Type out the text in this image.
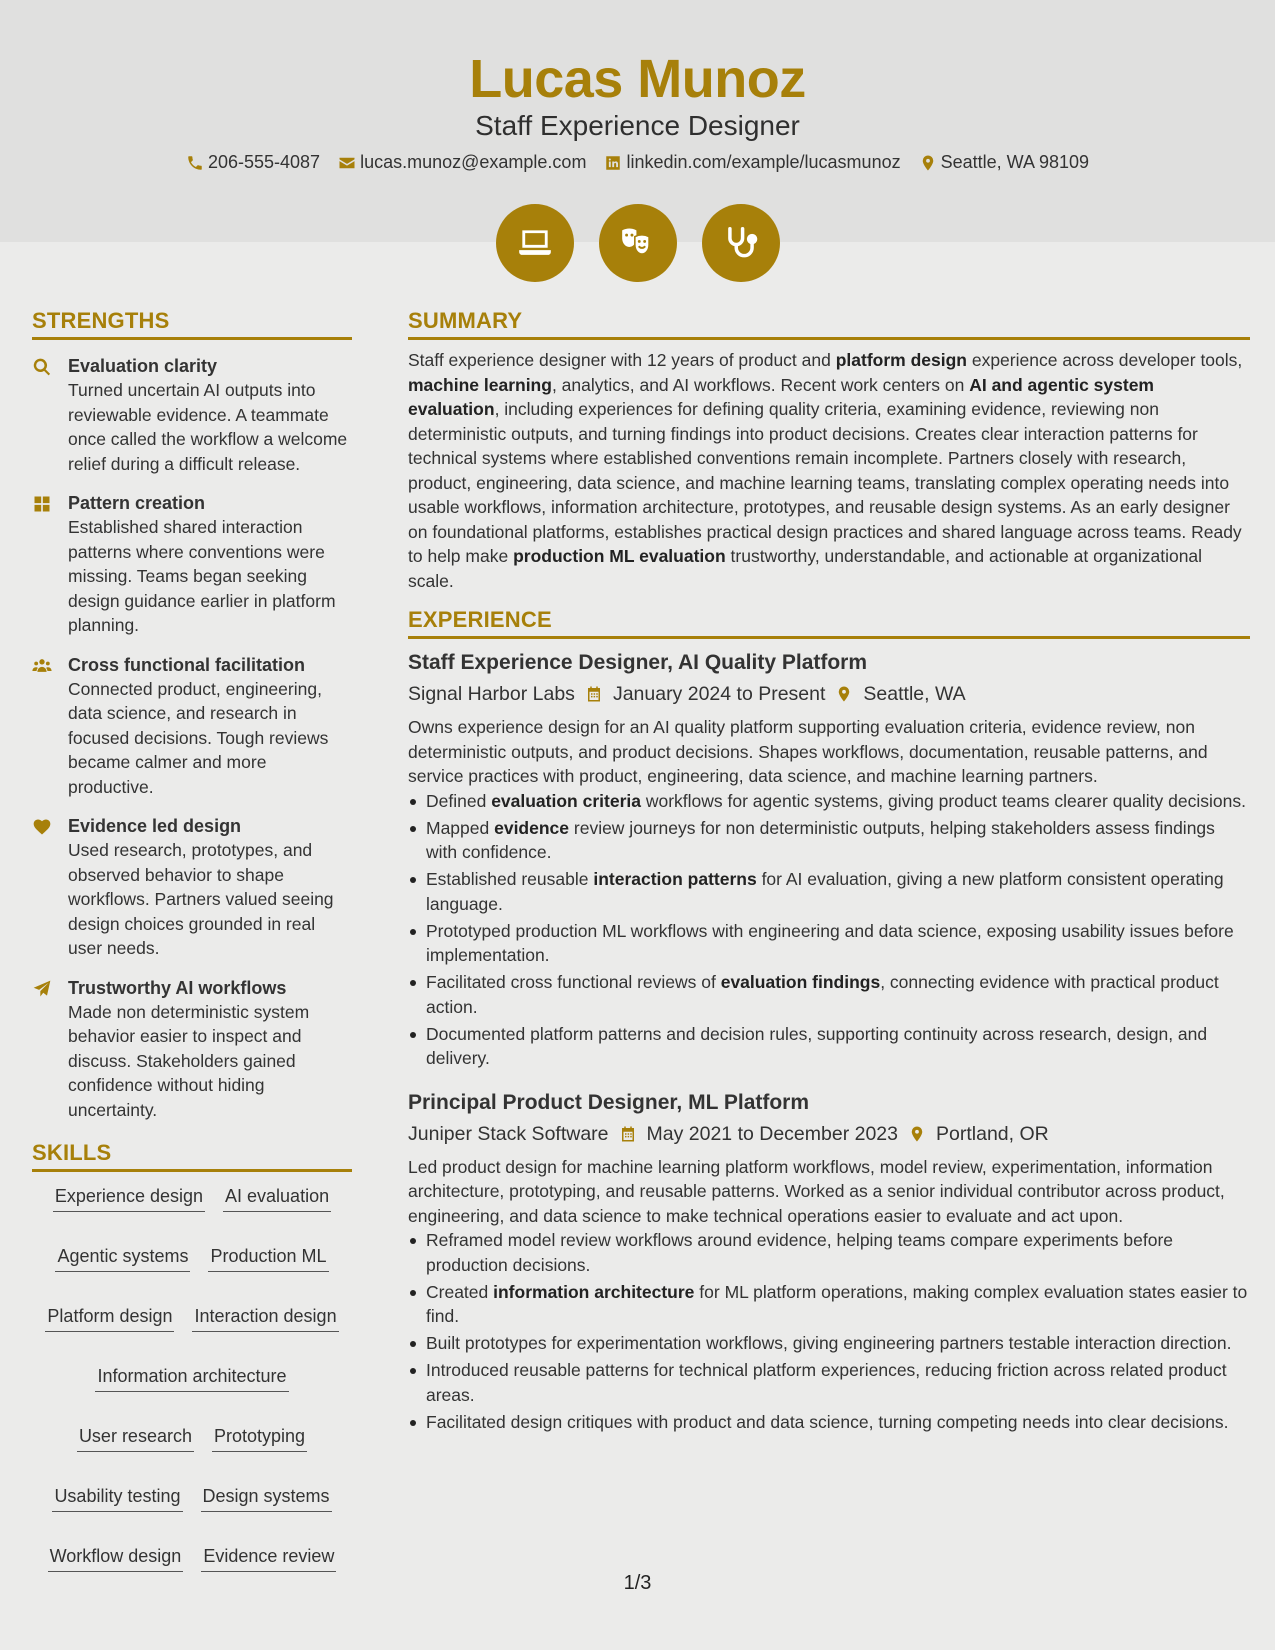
Lucas Munoz
Staff Experience Designer
206-555-4087 lucas.munoz@example.com linkedin.com/example/lucasmunoz Seattle, WA 98109
STRENGTHS
Evaluation clarity
Turned uncertain AI outputs into reviewable evidence. A teammate once called the workflow a welcome relief during a difficult release.
Pattern creation
Established shared interaction patterns where conventions were missing. Teams began seeking design guidance earlier in platform planning.
Cross functional facilitation
Connected product, engineering, data science, and research in focused decisions. Tough reviews became calmer and more productive.
Evidence led design
Used research, prototypes, and observed behavior to shape workflows. Partners valued seeing design choices grounded in real user needs.
Trustworthy AI workflows
Made non deterministic system behavior easier to inspect and discuss. Stakeholders gained confidence without hiding uncertainty.
SKILLS
Experience design AI evaluation
Agentic systems Production ML
Platform design Interaction design
Information architecture
User research Prototyping
Usability testing Design systems
Workflow design Evidence review
SUMMARY
Staff experience designer with 12 years of product and platform design experience across developer tools, machine learning, analytics, and AI workflows. Recent work centers on AI and agentic system evaluation, including experiences for defining quality criteria, examining evidence, reviewing non deterministic outputs, and turning findings into product decisions. Creates clear interaction patterns for technical systems where established conventions remain incomplete. Partners closely with research, product, engineering, data science, and machine learning teams, translating complex operating needs into usable workflows, information architecture, prototypes, and reusable design systems. As an early designer on foundational platforms, establishes practical design practices and shared language across teams. Ready to help make production ML evaluation trustworthy, understandable, and actionable at organizational scale.
EXPERIENCE
Staff Experience Designer, AI Quality Platform
Signal Harbor Labs January 2024 to Present Seattle, WA
Owns experience design for an AI quality platform supporting evaluation criteria, evidence review, non deterministic outputs, and product decisions. Shapes workflows, documentation, reusable patterns, and service practices with product, engineering, data science, and machine learning partners.
Defined evaluation criteria workflows for agentic systems, giving product teams clearer quality decisions.
Mapped evidence review journeys for non deterministic outputs, helping stakeholders assess findings with confidence.
Established reusable interaction patterns for AI evaluation, giving a new platform consistent operating language.
Prototyped production ML workflows with engineering and data science, exposing usability issues before implementation.
Facilitated cross functional reviews of evaluation findings, connecting evidence with practical product action.
Documented platform patterns and decision rules, supporting continuity across research, design, and delivery.
Principal Product Designer, ML Platform
Juniper Stack Software May 2021 to December 2023 Portland, OR
Led product design for machine learning platform workflows, model review, experimentation, information architecture, prototyping, and reusable patterns. Worked as a senior individual contributor across product, engineering, and data science to make technical operations easier to evaluate and act upon.
Reframed model review workflows around evidence, helping teams compare experiments before production decisions.
Created information architecture for ML platform operations, making complex evaluation states easier to find.
Built prototypes for experimentation workflows, giving engineering partners testable interaction direction.
Introduced reusable patterns for technical platform experiences, reducing friction across related product areas.
Facilitated design critiques with product and data science, turning competing needs into clear decisions.
1/3
